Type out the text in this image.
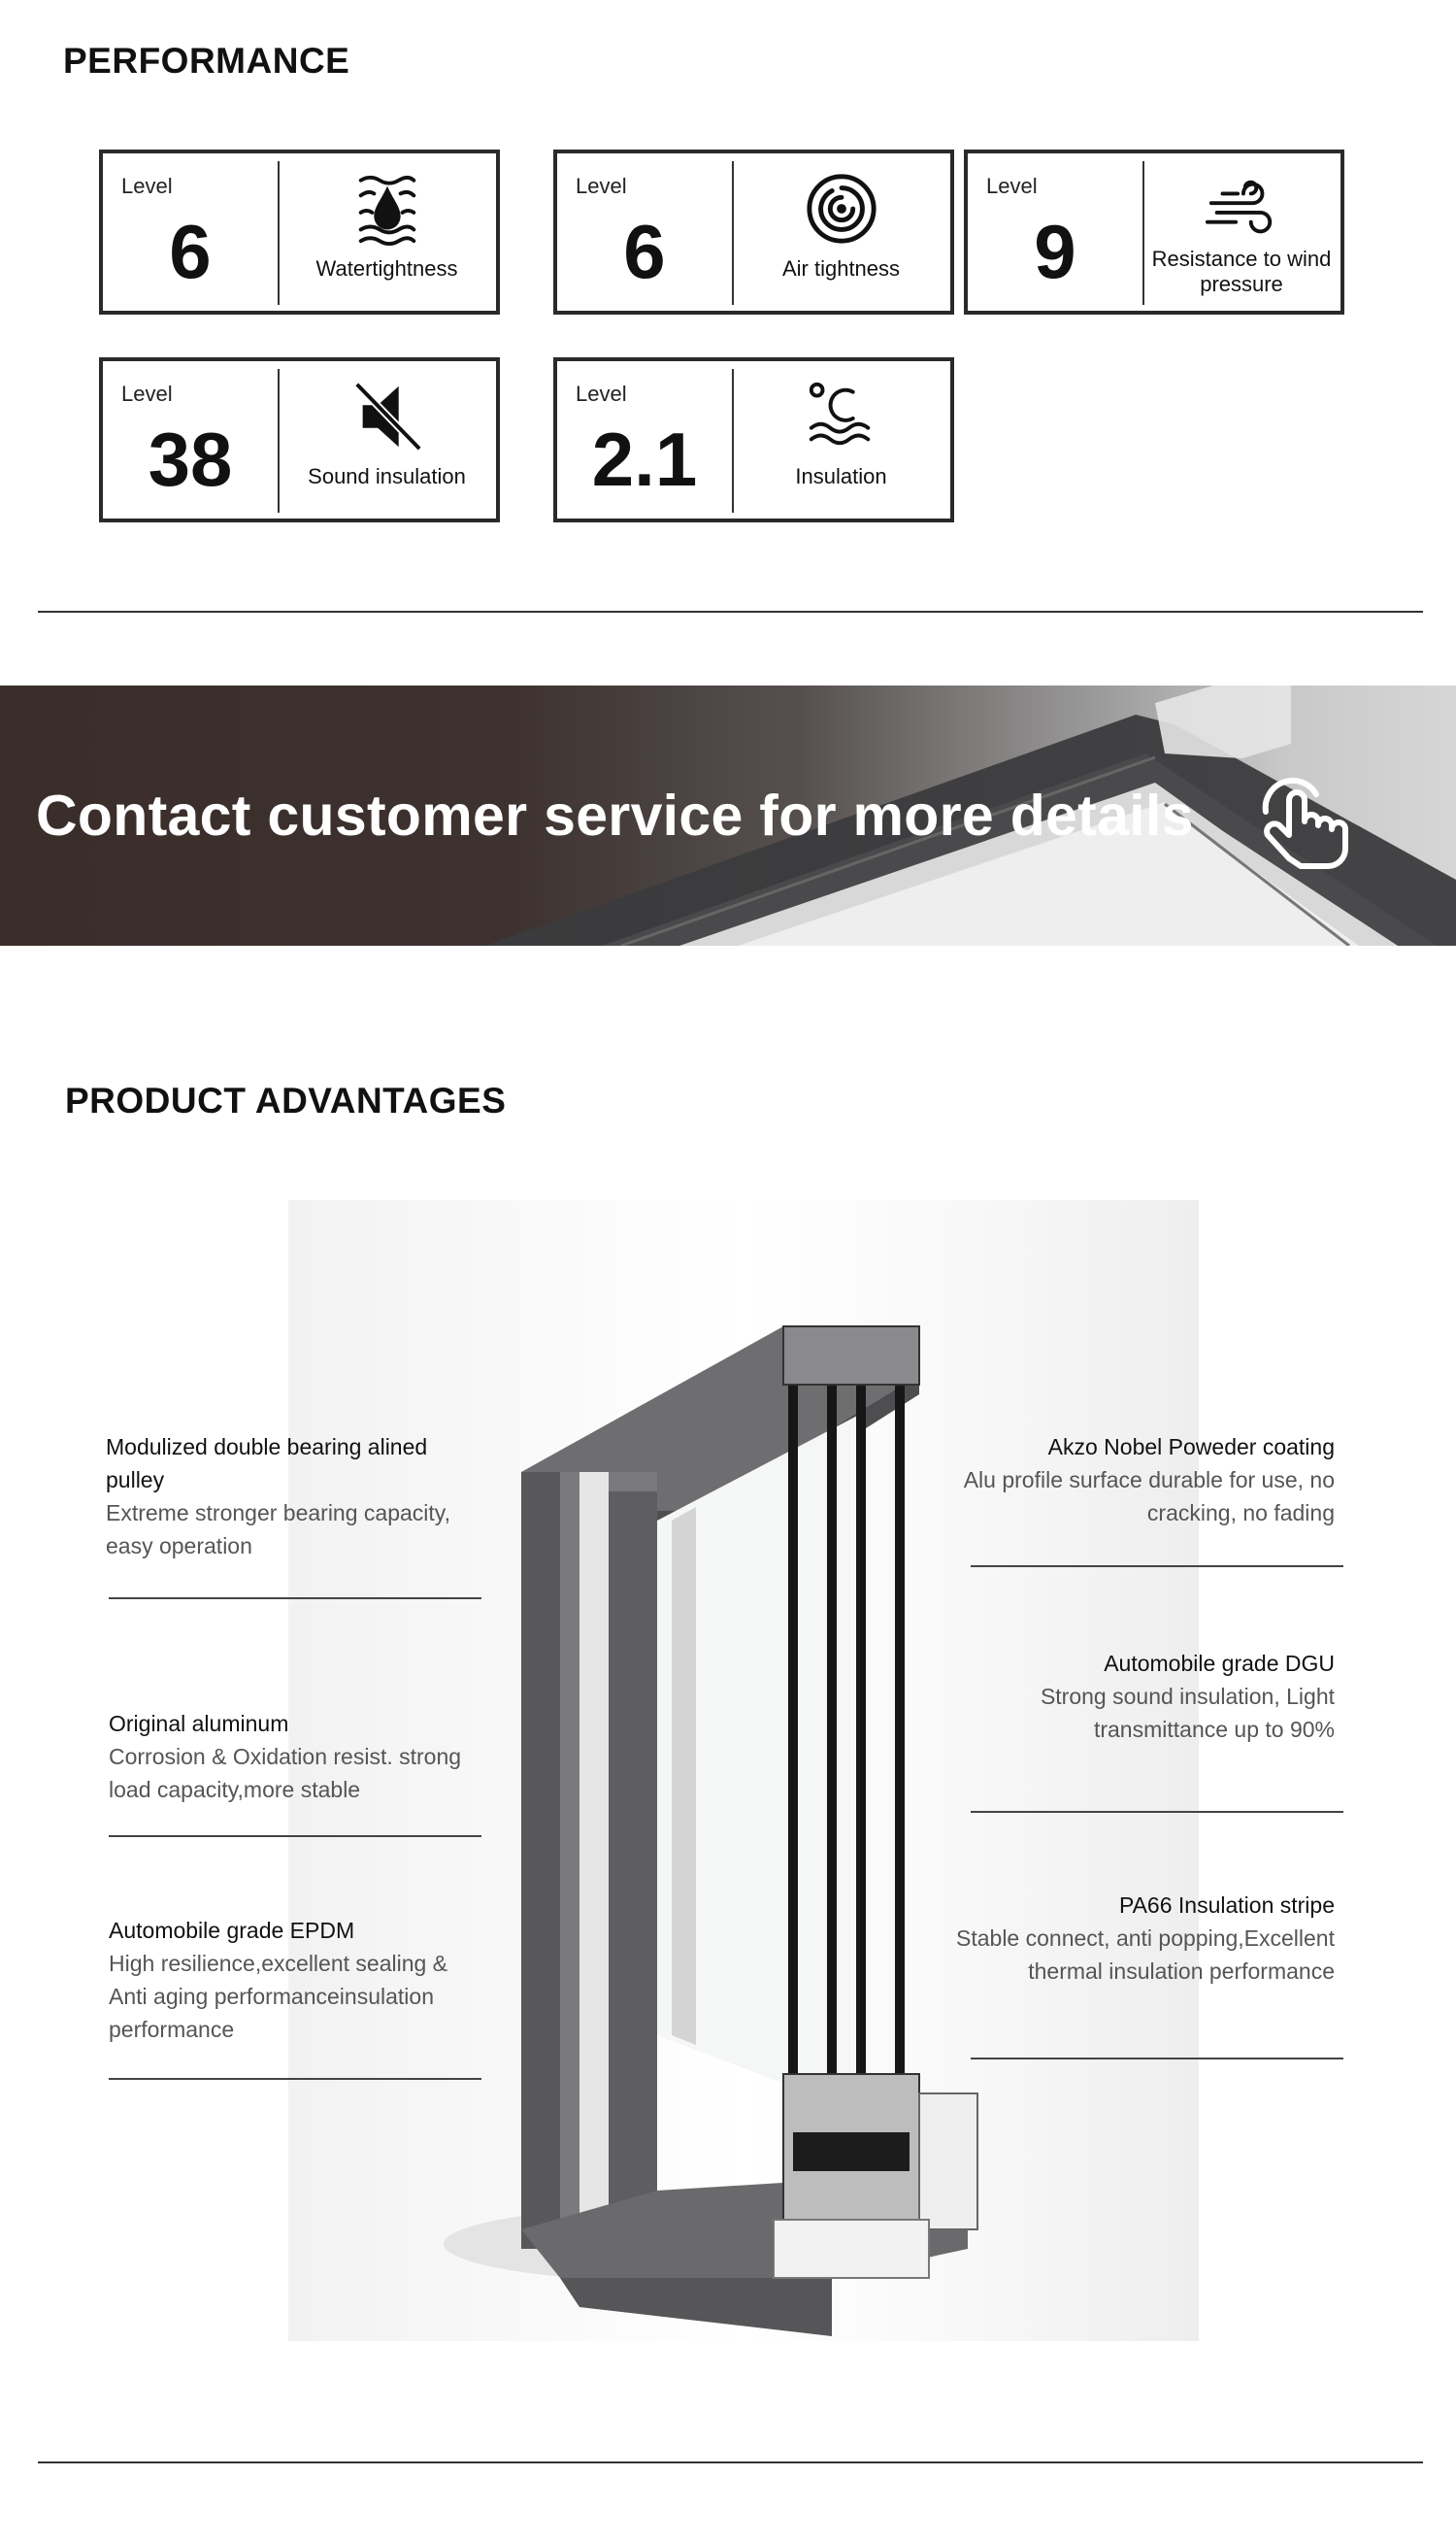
PERFORMANCE
Level
6	Watertightness
Level
6	Air tightness
Level
9	Resistance to wind pressure
Level
38	Sound insulation
Level
2.1	Insulation
Contact customer service for more details
PRODUCT ADVANTAGES
Modulized double bearing alined pulley
Extreme stronger bearing capacity, easy operation
Original aluminum
Corrosion & Oxidation resist. strong load capacity,more stable
Automobile grade EPDM
High resilience,excellent sealing & Anti aging performanceinsulation performance
Akzo Nobel Poweder coating
Alu profile surface durable for use, no cracking, no fading
Automobile grade DGU
Strong sound insulation, Light transmittance up to 90%
PA66 Insulation stripe
Stable connect, anti popping,Excellent thermal insulation performance
